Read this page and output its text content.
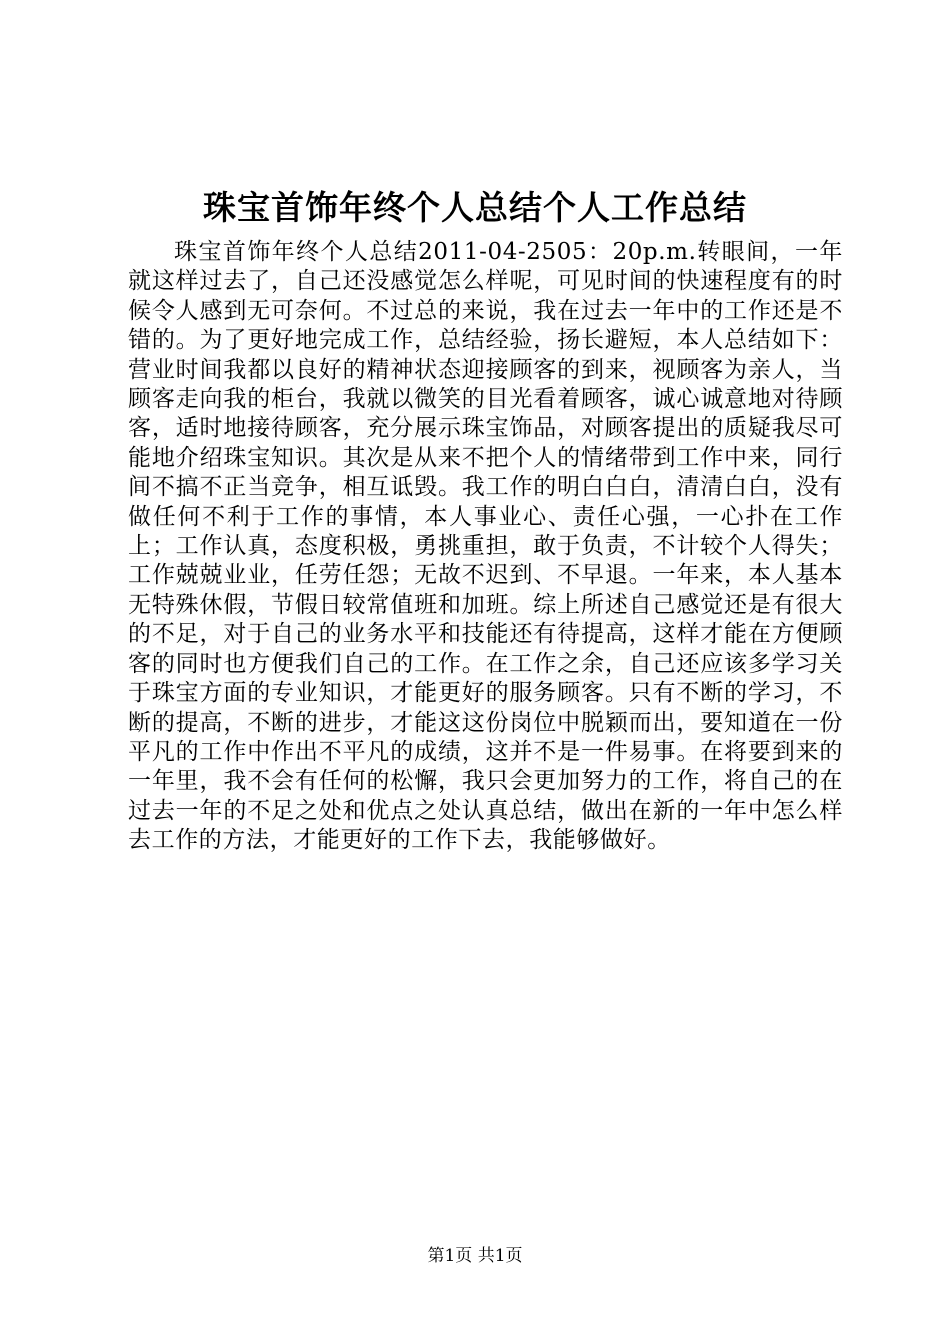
珠宝首饰年终个人总结个人工作总结

珠宝首饰年终个人总结2011-04-2505：20p.m.转眼间，一年就这样过去了，自己还没感觉怎么样呢，可见时间的快速程度有的时候令人感到无可奈何。不过总的来说，我在过去一年中的工作还是不错的。为了更好地完成工作，总结经验，扬长避短，本人总结如下：营业时间我都以良好的精神状态迎接顾客的到来，视顾客为亲人，当顾客走向我的柜台，我就以微笑的目光看着顾客，诚心诚意地对待顾客，适时地接待顾客，充分展示珠宝饰品，对顾客提出的质疑我尽可能地介绍珠宝知识。其次是从来不把个人的情绪带到工作中来，同行间不搞不正当竞争，相互诋毁。我工作的明白白白，清清白白，没有做任何不利于工作的事情，本人事业心、责任心强，一心扑在工作上；工作认真，态度积极，勇挑重担，敢于负责，不计较个人得失；工作兢兢业业，任劳任怨；无故不迟到、不早退。一年来，本人基本无特殊休假，节假日较常值班和加班。综上所述自己感觉还是有很大的不足，对于自己的业务水平和技能还有待提高，这样才能在方便顾客的同时也方便我们自己的工作。在工作之余，自己还应该多学习关于珠宝方面的专业知识，才能更好的服务顾客。只有不断的学习，不断的提高，不断的进步，才能这这份岗位中脱颖而出，要知道在一份平凡的工作中作出不平凡的成绩，这并不是一件易事。在将要到来的一年里，我不会有任何的松懈，我只会更加努力的工作，将自己的在过去一年的不足之处和优点之处认真总结，做出在新的一年中怎么样去工作的方法，才能更好的工作下去，我能够做好。

第1页 共1页
